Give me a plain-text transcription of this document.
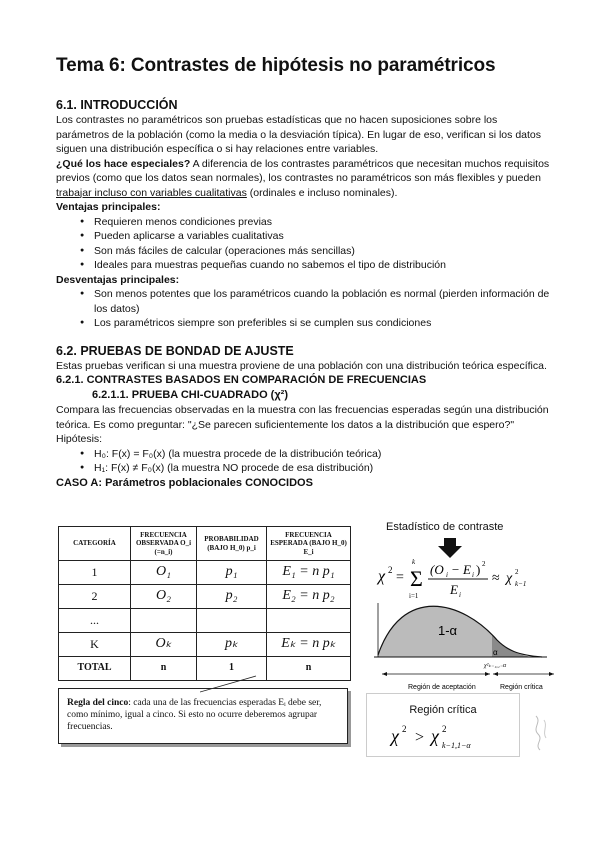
Tema 6: Contrastes de hipótesis no paramétricos
6.1. INTRODUCCIÓN

Los contrastes no paramétricos son pruebas estadísticas que no hacen suposiciones sobre los parámetros de la población (como la media o la desviación típica). En lugar de eso, verifican si los datos siguen una distribución específica o si hay relaciones entre variables.

¿Qué los hace especiales? A diferencia de los contrastes paramétricos que necesitan muchos requisitos previos (como que los datos sean normales), los contrastes no paramétricos son más flexibles y pueden trabajar incluso con variables cualitativas (ordinales e incluso nominales).

Ventajas principales:

● Requieren menos condiciones previas
● Pueden aplicarse a variables cualitativas
● Son más fáciles de calcular (operaciones más sencillas)
● Ideales para muestras pequeñas cuando no sabemos el tipo de distribución

Desventajas principales:

● Son menos potentes que los paramétricos cuando la población es normal (pierden información de los datos)
● Los paramétricos siempre son preferibles si se cumplen sus condiciones
6.2. PRUEBAS DE BONDAD DE AJUSTE

Estas pruebas verifican si una muestra proviene de una población con una distribución teórica específica.

6.2.1. CONTRASTES BASADOS EN COMPARACIÓN DE FRECUENCIAS
6.2.1.1. PRUEBA CHI-CUADRADO (χ²)

Compara las frecuencias observadas en la muestra con las frecuencias esperadas según una distribución teórica. Es como preguntar: "¿Se parecen suficientemente los datos a la distribución que espero?"

Hipótesis:

● H₀: F(x) = F₀(x) (la muestra procede de la distribución teórica)
● H₁: F(x) ≠ F₀(x) (la muestra NO procede de esa distribución)

CASO A: Parámetros poblacionales CONOCIDOS

CATEGORÍA	FRECUENCIA OBSERVADA O_i (=n_i)	PROBABILIDAD (BAJO H_0) p_i	FRECUENCIA ESPERADA (BAJO H_0) E_i
1	O₁	p₁	E₁ = n p₁
2	O₂	p₂	E₂ = n p₂
...			
K	Oₖ	pₖ	Eₖ = n pₖ
TOTAL	n	1	n
Regla del cinco: cada una de las frecuencias esperadas Eᵢ debe ser, como mínimo, igual a cinco. Si esto no ocurre deberemos agrupar frecuencias.
Estadístico de contraste
χ 2 = Σ
k
i=1
(O i − E i ) 2
E i
≈ χ 2
k−1
1-α
α
χ²ₖ₋₁,₁₋α
Región de aceptación	Región crítica
Región crítica
χ 2 > χ 2
k−1,1−α
